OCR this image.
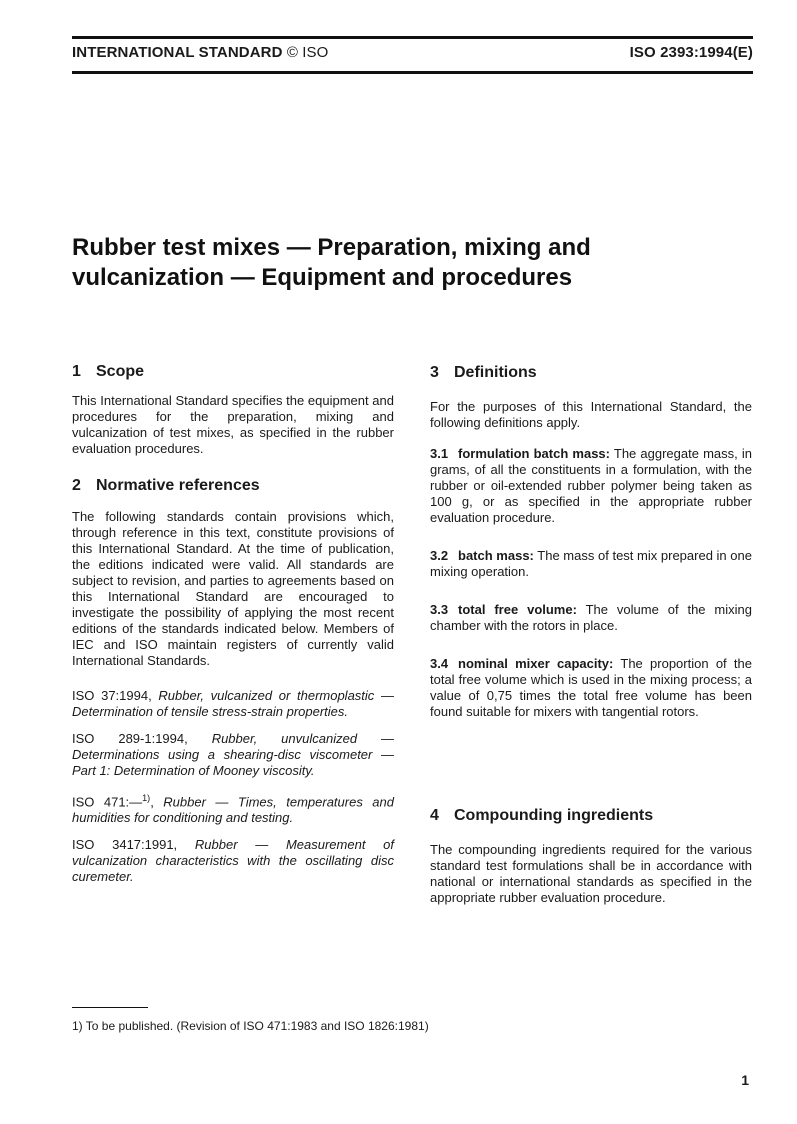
INTERNATIONAL STANDARD © ISO	ISO 2393:1994(E)
Rubber test mixes — Preparation, mixing and
vulcanization — Equipment and procedures
1 Scope

This International Standard specifies the equipment and procedures for the preparation, mixing and vulcanization of test mixes, as specified in the rubber evaluation procedures.

2 Normative references

The following standards contain provisions which, through reference in this text, constitute provisions of this International Standard. At the time of publication, the editions indicated were valid. All standards are subject to revision, and parties to agreements based on this International Standard are encouraged to investigate the possibility of applying the most recent editions of the standards indicated below. Members of IEC and ISO maintain registers of currently valid International Standards.

ISO 37:1994, Rubber, vulcanized or thermoplastic — Determination of tensile stress-strain properties.

ISO 289-1:1994, Rubber, unvulcanized — Determinations using a shearing-disc viscometer — Part 1: Determination of Mooney viscosity.

ISO 471:—$^{1)}$, Rubber — Times, temperatures and humidities for conditioning and testing.

ISO 3417:1991, Rubber — Measurement of vulcanization characteristics with the oscillating disc curemeter.

3 Definitions

For the purposes of this International Standard, the following definitions apply.

3.1 formulation batch mass: The aggregate mass, in grams, of all the constituents in a formulation, with the rubber or oil-extended rubber polymer being taken as 100 g, or as specified in the appropriate rubber evaluation procedure.

3.2 batch mass: The mass of test mix prepared in one mixing operation.

3.3 total free volume: The volume of the mixing chamber with the rotors in place.

3.4 nominal mixer capacity: The proportion of the total free volume which is used in the mixing process; a value of 0,75 times the total free volume has been found suitable for mixers with tangential rotors.

4 Compounding ingredients

The compounding ingredients required for the various standard test formulations shall be in accordance with national or international standards as specified in the appropriate rubber evaluation procedure.

1) To be published. (Revision of ISO 471:1983 and ISO 1826:1981)
1
